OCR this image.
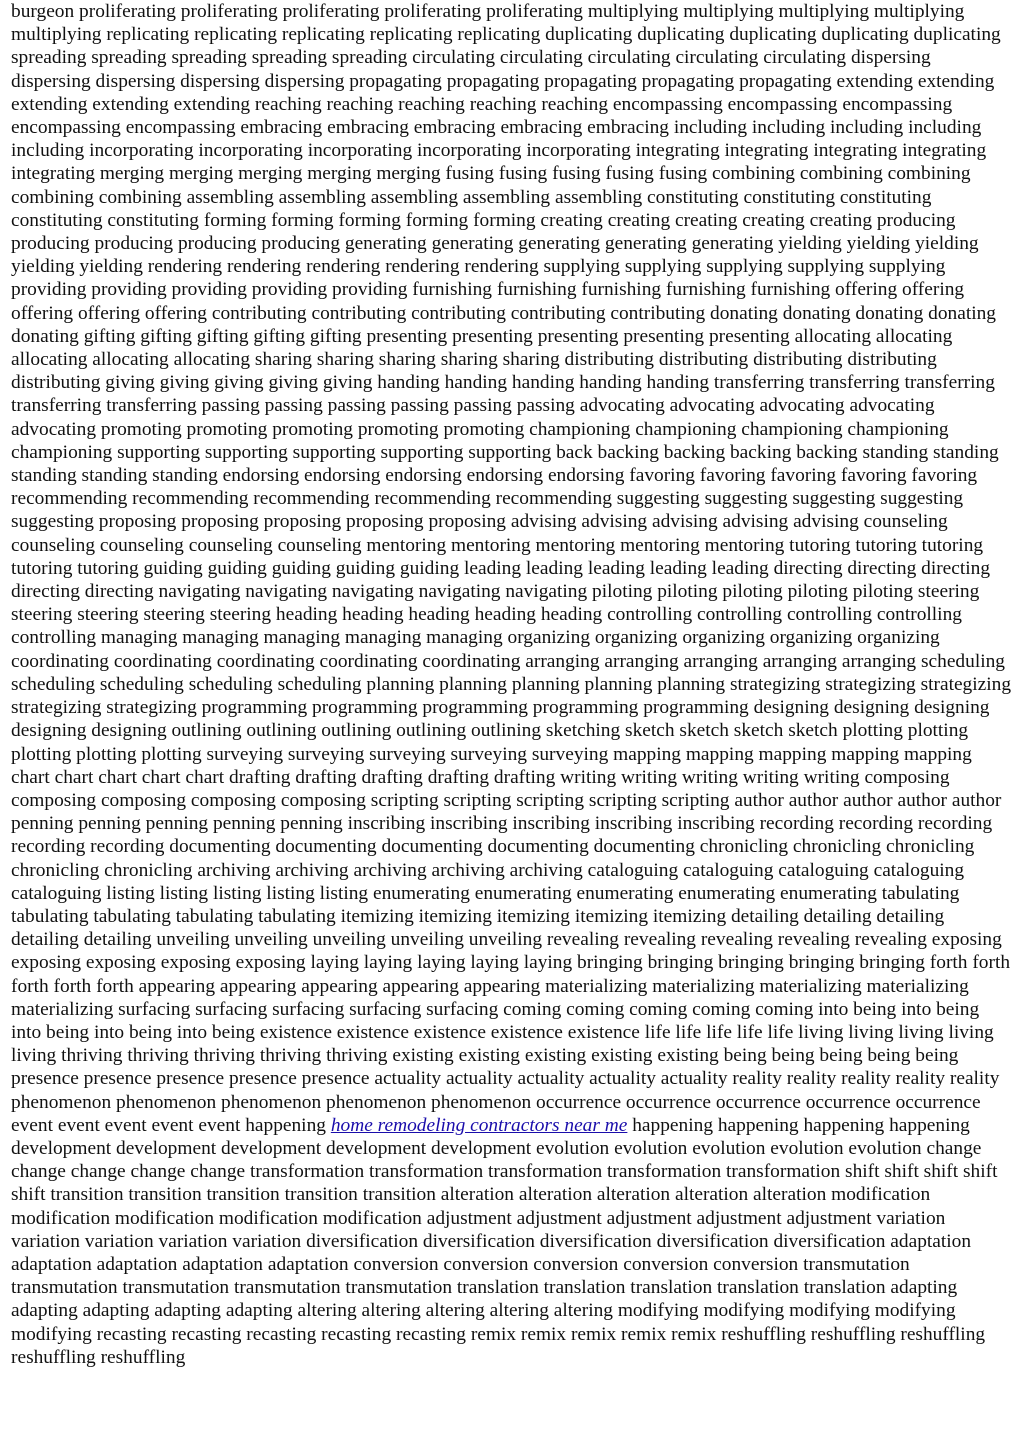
burgeon proliferating proliferating proliferating proliferating proliferating multiplying multiplying multiplying multiplying multiplying replicating replicating replicating replicating replicating duplicating duplicating duplicating duplicating duplicating spreading spreading spreading spreading spreading circulating circulating circulating circulating circulating dispersing dispersing dispersing dispersing dispersing propagating propagating propagating propagating propagating extending extending extending extending extending reaching reaching reaching reaching reaching encompassing encompassing encompassing encompassing encompassing embracing embracing embracing embracing embracing including including including including including incorporating incorporating incorporating incorporating incorporating integrating integrating integrating integrating integrating merging merging merging merging merging fusing fusing fusing fusing fusing combining combining combining combining combining assembling assembling assembling assembling assembling constituting constituting constituting constituting constituting forming forming forming forming forming creating creating creating creating creating producing producing producing producing producing generating generating generating generating generating yielding yielding yielding yielding yielding rendering rendering rendering rendering rendering supplying supplying supplying supplying supplying providing providing providing providing providing furnishing furnishing furnishing furnishing furnishing offering offering offering offering offering contributing contributing contributing contributing contributing donating donating donating donating donating gifting gifting gifting gifting gifting presenting presenting presenting presenting presenting allocating allocating allocating allocating allocating sharing sharing sharing sharing sharing distributing distributing distributing distributing distributing giving giving giving giving giving handing handing handing handing handing transferring transferring transferring transferring transferring passing passing passing passing passing passing advocating advocating advocating advocating advocating promoting promoting promoting promoting promoting championing championing championing championing championing supporting supporting supporting supporting supporting back backing backing backing backing standing standing standing standing standing endorsing endorsing endorsing endorsing endorsing favoring favoring favoring favoring favoring recommending recommending recommending recommending recommending suggesting suggesting suggesting suggesting suggesting proposing proposing proposing proposing proposing advising advising advising advising advising counseling counseling counseling counseling counseling mentoring mentoring mentoring mentoring mentoring tutoring tutoring tutoring tutoring tutoring guiding guiding guiding guiding guiding leading leading leading leading leading directing directing directing directing directing navigating navigating navigating navigating navigating piloting piloting piloting piloting piloting steering steering steering steering steering heading heading heading heading heading controlling controlling controlling controlling controlling managing managing managing managing managing organizing organizing organizing organizing organizing coordinating coordinating coordinating coordinating coordinating arranging arranging arranging arranging arranging scheduling scheduling scheduling scheduling scheduling planning planning planning planning planning strategizing strategizing strategizing strategizing strategizing programming programming programming programming programming designing designing designing designing designing outlining outlining outlining outlining outlining sketching sketch sketch sketch sketch plotting plotting plotting plotting plotting surveying surveying surveying surveying surveying mapping mapping mapping mapping mapping chart chart chart chart chart drafting drafting drafting drafting drafting writing writing writing writing writing composing composing composing composing composing scripting scripting scripting scripting scripting author author author author author penning penning penning penning penning inscribing inscribing inscribing inscribing inscribing recording recording recording recording recording documenting documenting documenting documenting documenting chronicling chronicling chronicling chronicling chronicling archiving archiving archiving archiving archiving cataloguing cataloguing cataloguing cataloguing cataloguing listing listing listing listing listing enumerating enumerating enumerating enumerating enumerating tabulating tabulating tabulating tabulating tabulating itemizing itemizing itemizing itemizing itemizing detailing detailing detailing detailing detailing unveiling unveiling unveiling unveiling unveiling revealing revealing revealing revealing revealing exposing exposing exposing exposing exposing laying laying laying laying laying bringing bringing bringing bringing bringing forth forth forth forth forth appearing appearing appearing appearing appearing materializing materializing materializing materializing materializing surfacing surfacing surfacing surfacing surfacing coming coming coming coming coming into being into being into being into being into being existence existence existence existence existence life life life life life living living living living living thriving thriving thriving thriving thriving existing existing existing existing existing being being being being being presence presence presence presence presence actuality actuality actuality actuality actuality reality reality reality reality reality phenomenon phenomenon phenomenon phenomenon phenomenon occurrence occurrence occurrence occurrence occurrence event event event event event happening home remodeling contractors near me happening happening happening happening development development development development development evolution evolution evolution evolution evolution change change change change change transformation transformation transformation transformation transformation shift shift shift shift shift transition transition transition transition transition alteration alteration alteration alteration alteration modification modification modification modification modification adjustment adjustment adjustment adjustment adjustment variation variation variation variation variation diversification diversification diversification diversification diversification adaptation adaptation adaptation adaptation adaptation conversion conversion conversion conversion conversion transmutation transmutation transmutation transmutation transmutation translation translation translation translation translation adapting adapting adapting adapting adapting altering altering altering altering altering modifying modifying modifying modifying modifying recasting recasting recasting recasting recasting remix remix remix remix remix reshuffling reshuffling reshuffling reshuffling reshuffling
